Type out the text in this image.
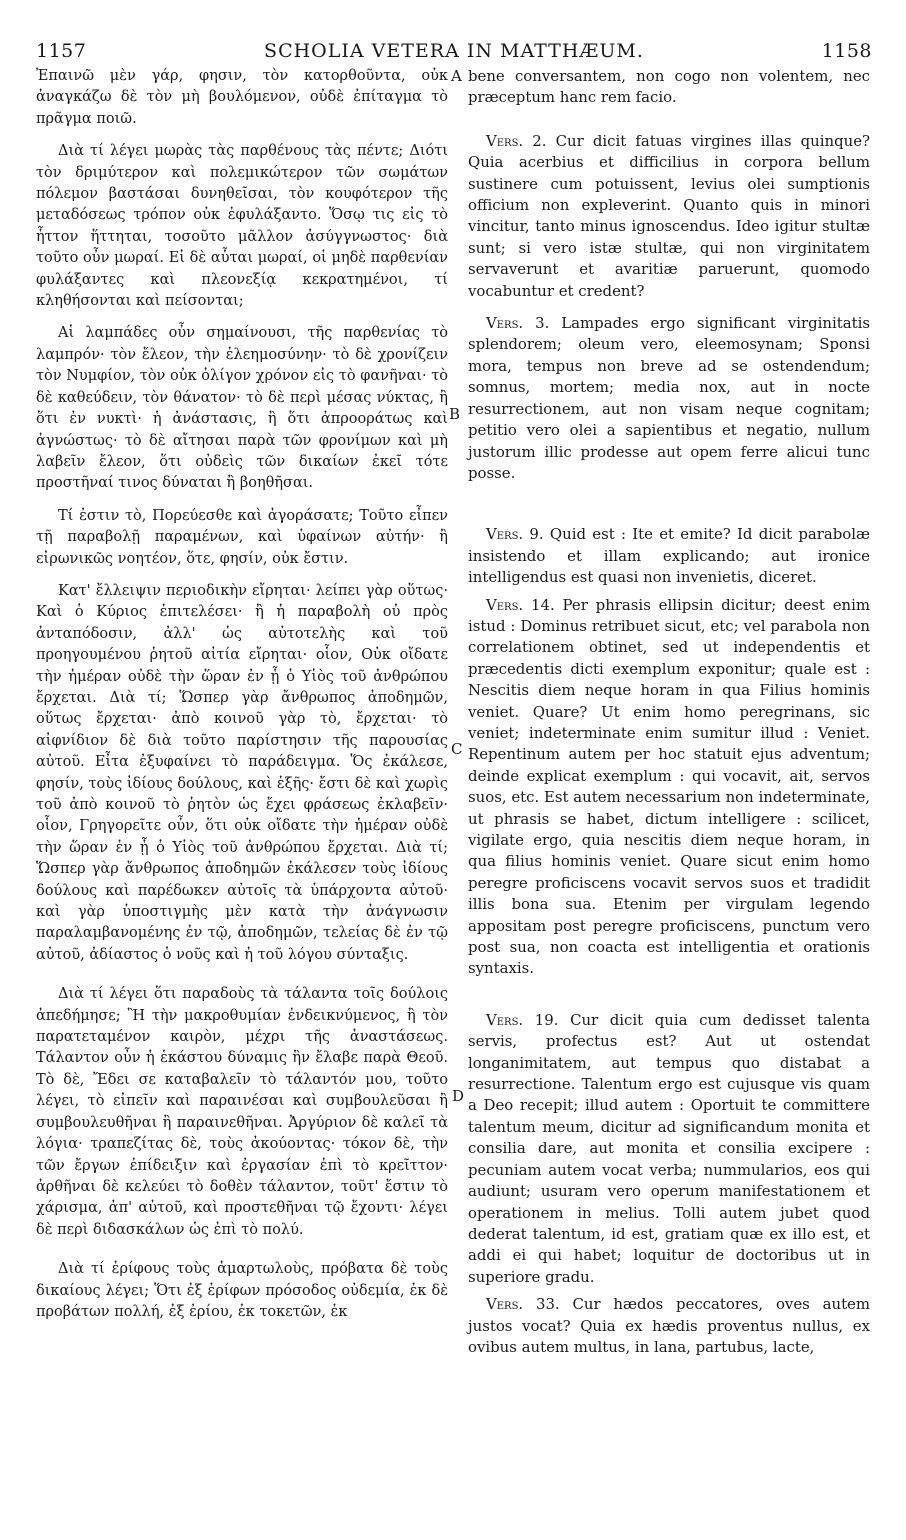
1157	SCHOLIA VETERA IN MATTHÆUM.	1158
A
B
C
D

Ἐπαινῶ μὲν γάρ, φησιν, τὸν κατορθοῦντα, οὐκ ἀναγκάζω δὲ τὸν μὴ βουλόμενον, οὐδὲ ἐπίταγμα τὸ πρᾶγμα ποιῶ.

Διὰ τί λέγει μωρὰς τὰς παρθένους τὰς πέντε; Διότι τὸν δριμύτερον καὶ πολεμικώτερον τῶν σωμάτων πόλεμον βαστάσαι δυνηθεῖσαι, τὸν κουφότερον τῆς μεταδόσεως τρόπον οὐκ ἐφυλάξαντο. Ὅσῳ τις εἰς τὸ ἧττον ἥττηται, τοσοῦτο μᾶλλον ἀσύγγνωστος· διὰ τοῦτο οὖν μωραί. Εἰ δὲ αὗται μωραί, οἱ μηδὲ παρθενίαν φυλάξαντες καὶ πλεονεξίᾳ κεκρατημένοι, τί κληθήσονται καὶ πείσονται;

Αἱ λαμπάδες οὖν σημαίνουσι, τῆς παρθενίας τὸ λαμπρόν· τὸν ἔλεον, τὴν ἐλεημοσύνην· τὸ δὲ χρονίζειν τὸν Νυμφίον, τὸν οὐκ ὀλίγον χρόνον εἰς τὸ φανῆναι· τὸ δὲ καθεύδειν, τὸν θάνατον· τὸ δὲ περὶ μέσας νύκτας, ἢ ὅτι ἐν νυκτὶ· ἡ ἀνάστασις, ἢ ὅτι ἀπροοράτως καὶ ἀγνώστως· τὸ δὲ αἴτησαι παρὰ τῶν φρονίμων καὶ μὴ λαβεῖν ἔλεον, ὅτι οὐδεὶς τῶν δικαίων ἐκεῖ τότε προστῆναί τινος δύναται ἢ βοηθῆσαι.

Τί ἐστιν τὸ, Πορεύεσθε καὶ ἀγοράσατε; Τοῦτο εἶπεν τῇ παραβολῇ παραμένων, καὶ ὑφαίνων αὐτήν· ἢ εἰρωνικῶς νοητέον, ὅτε, φησίν, οὐκ ἔστιν.

Κατ' ἔλλειψιν περιοδικὴν εἴρηται· λείπει γὰρ οὕτως· Καὶ ὁ Κύριος ἐπιτελέσει· ἢ ἡ παραβολὴ οὐ πρὸς ἀνταπόδοσιν, ἀλλ' ὡς αὐτοτελὴς καὶ τοῦ προηγουμένου ῥητοῦ αἰτία εἴρηται· οἷον, Οὐκ οἴδατε τὴν ἡμέραν οὐδὲ τὴν ὥραν ἐν ᾗ ὁ Υἱὸς τοῦ ἀνθρώπου ἔρχεται. Διὰ τί; Ὥσπερ γὰρ ἄνθρωπος ἀποδημῶν, οὕτως ἔρχεται· ἀπὸ κοινοῦ γὰρ τὸ, ἔρχεται· τὸ αἰφνίδιον δὲ διὰ τοῦτο παρίστησιν τῆς παρουσίας αὐτοῦ. Εἶτα ἐξυφαίνει τὸ παράδειγμα. Ὅς ἐκάλεσε, φησίν, τοὺς ἰδίους δούλους, καὶ ἑξῆς· ἔστι δὲ καὶ χωρὶς τοῦ ἀπὸ κοινοῦ τὸ ῥητὸν ὡς ἔχει φράσεως ἐκλαβεῖν· οἷον, Γρηγορεῖτε οὖν, ὅτι οὐκ οἴδατε τὴν ἡμέραν οὐδὲ τὴν ὥραν ἐν ᾗ ὁ Υἱὸς τοῦ ἀνθρώπου ἔρχεται. Διὰ τί; Ὥσπερ γὰρ ἄνθρωπος ἀποδημῶν ἐκάλεσεν τοὺς ἰδίους δούλους καὶ παρέδωκεν αὐτοῖς τὰ ὑπάρχοντα αὐτοῦ· καὶ γὰρ ὑποστιγμὴς μὲν κατὰ τὴν ἀνάγνωσιν παραλαμβανομένης ἐν τῷ, ἀποδημῶν, τελείας δὲ ἐν τῷ αὐτοῦ, ἀδίαστος ὁ νοῦς καὶ ἡ τοῦ λόγου σύνταξις.

Διὰ τί λέγει ὅτι παραδοὺς τὰ τάλαντα τοῖς δούλοις ἀπεδήμησε; Ἢ τὴν μακροθυμίαν ἐνδεικνύμενος, ἢ τὸν παρατεταμένον καιρὸν, μέχρι τῆς ἀναστάσεως. Τάλαντον οὖν ἡ ἑκάστου δύναμις ἣν ἔλαβε παρὰ Θεοῦ. Τὸ δὲ, Ἔδει σε καταβαλεῖν τὸ τάλαντόν μου, τοῦτο λέγει, τὸ εἰπεῖν καὶ παραινέσαι καὶ συμβουλεῦσαι ἢ συμβουλευθῆναι ἢ παραινεθῆναι. Ἀργύριον δὲ καλεῖ τὰ λόγια· τραπεζίτας δὲ, τοὺς ἀκούοντας· τόκον δὲ, τὴν τῶν ἔργων ἐπίδειξιν καὶ ἐργασίαν ἐπὶ τὸ κρεῖττον· ἀρθῆναι δὲ κελεύει τὸ δοθὲν τάλαντον, τοῦτ' ἔστιν τὸ χάρισμα, ἀπ' αὐτοῦ, καὶ προστεθῆναι τῷ ἔχοντι· λέγει δὲ περὶ διδασκάλων ὡς ἐπὶ τὸ πολύ.

Διὰ τί ἐρίφους τοὺς ἁμαρτωλοὺς, πρόβατα δὲ τοὺς δικαίους λέγει; Ὅτι ἐξ ἐρίφων πρόσοδος οὐδεμία, ἐκ δὲ προβάτων πολλή, ἐξ ἐρίου, ἐκ τοκετῶν, ἐκ

bene conversantem, non cogo non volentem, nec præceptum hanc rem facio.

Vers. 2. Cur dicit fatuas virgines illas quinque? Quia acerbius et difficilius in corpora bellum sustinere cum potuissent, levius olei sumptionis officium non expleverint. Quanto quis in minori vincitur, tanto minus ignoscendus. Ideo igitur stultæ sunt; si vero istæ stultæ, qui non virginitatem servaverunt et avaritiæ paruerunt, quomodo vocabuntur et credent?

Vers. 3. Lampades ergo significant virginitatis splendorem; oleum vero, eleemosynam; Sponsi mora, tempus non breve ad se ostendendum; somnus, mortem; media nox, aut in nocte resurrectionem, aut non visam neque cognitam; petitio vero olei a sapientibus et negatio, nullum justorum illic prodesse aut opem ferre alicui tunc posse.

Vers. 9. Quid est : Ite et emite? Id dicit parabolæ insistendo et illam explicando; aut ironice intelligendus est quasi non invenietis, diceret.

Vers. 14. Per phrasis ellipsin dicitur; deest enim istud : Dominus retribuet sicut, etc; vel parabola non correlationem obtinet, sed ut independentis et præcedentis dicti exemplum exponitur; quale est : Nescitis diem neque horam in qua Filius hominis veniet. Quare? Ut enim homo peregrinans, sic veniet; indeterminate enim sumitur illud : Veniet. Repentinum autem per hoc statuit ejus adventum; deinde explicat exemplum : qui vocavit, ait, servos suos, etc. Est autem necessarium non indeterminate, ut phrasis se habet, dictum intelligere : scilicet, vigilate ergo, quia nescitis diem neque horam, in qua filius hominis veniet. Quare sicut enim homo peregre proficiscens vocavit servos suos et tradidit illis bona sua. Etenim per virgulam legendo appositam post peregre proficiscens, punctum vero post sua, non coacta est intelligentia et orationis syntaxis.

Vers. 19. Cur dicit quia cum dedisset talenta servis, profectus est? Aut ut ostendat longanimitatem, aut tempus quo distabat a resurrectione. Talentum ergo est cujusque vis quam a Deo recepit; illud autem : Oportuit te committere talentum meum, dicitur ad significandum monita et consilia dare, aut monita et consilia excipere : pecuniam autem vocat verba; nummularios, eos qui audiunt; usuram vero operum manifestationem et operationem in melius. Tolli autem jubet quod dederat talentum, id est, gratiam quæ ex illo est, et addi ei qui habet; loquitur de doctoribus ut in superiore gradu.

Vers. 33. Cur hædos peccatores, oves autem justos vocat? Quia ex hædis proventus nullus, ex ovibus autem multus, in lana, partubus, lacte,
